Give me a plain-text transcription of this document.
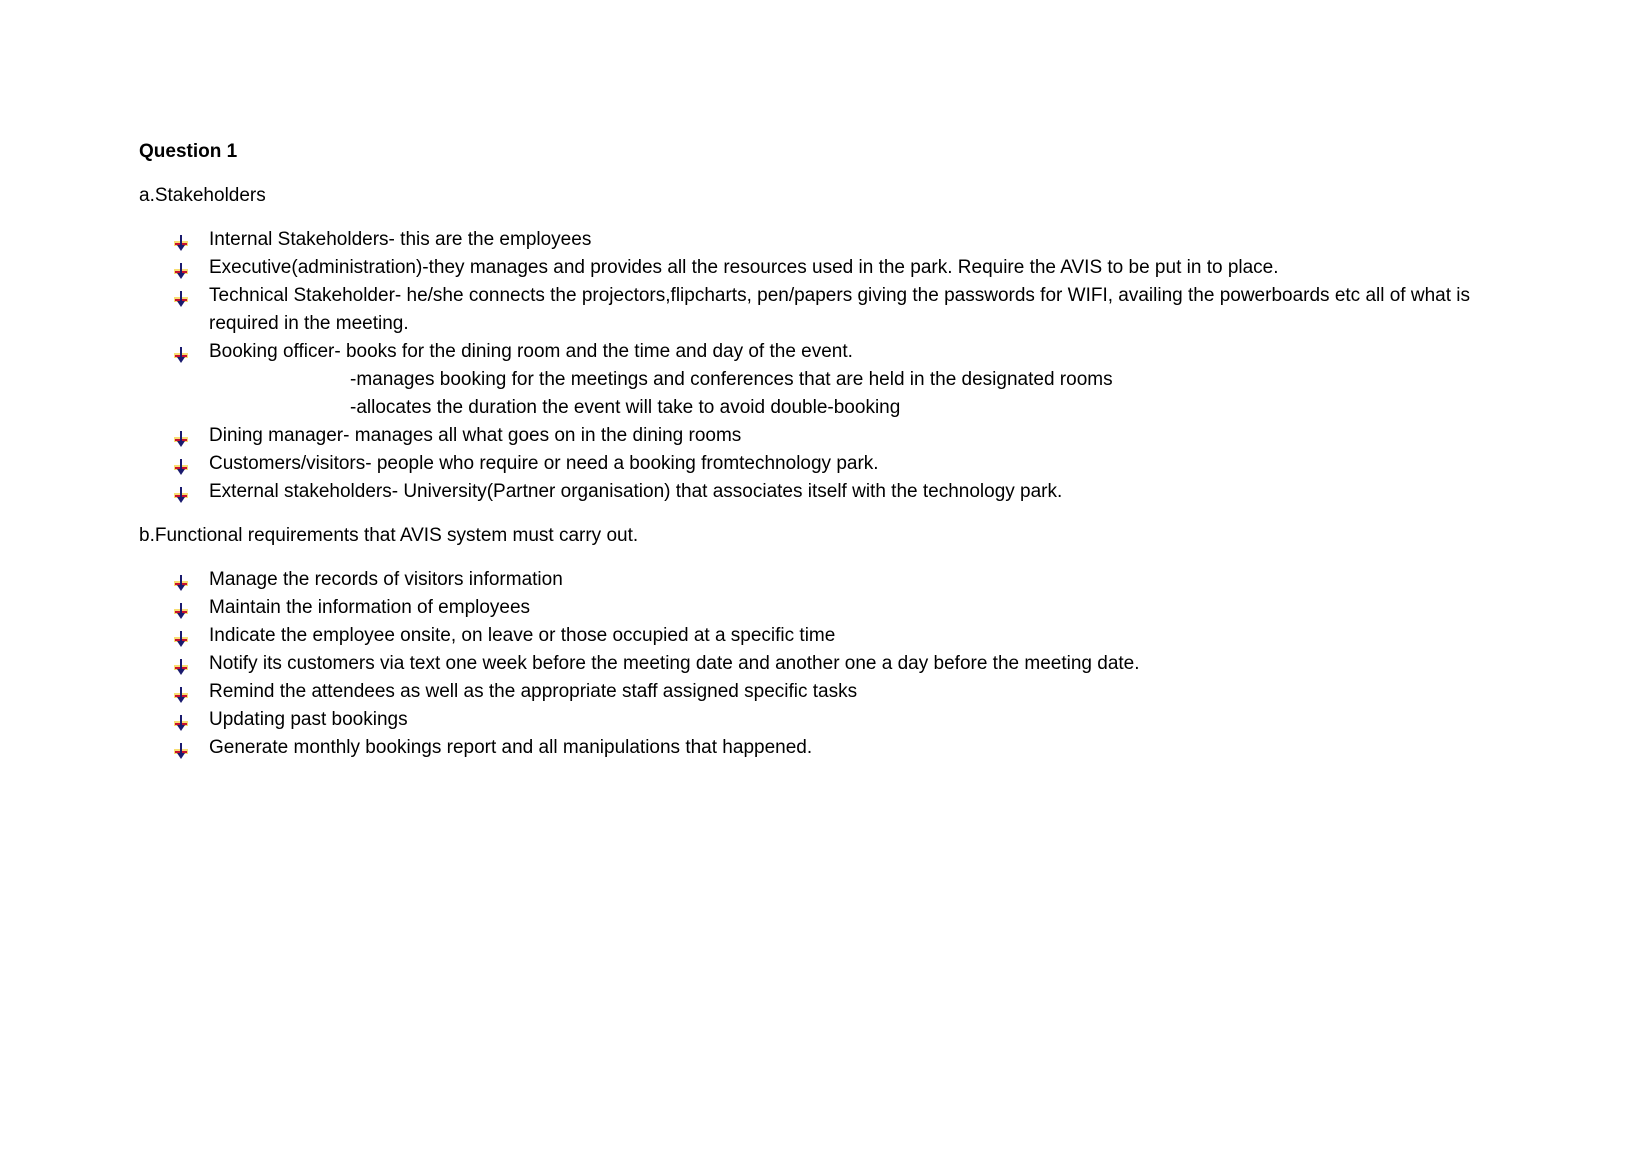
Question 1
a.Stakeholders
Internal Stakeholders- this are the employees
Executive(administration)-they manages and provides all the resources used in the park. Require the AVIS to be put in to place.
Technical Stakeholder- he/she connects the projectors,flipcharts, pen/papers giving the passwords for WIFI, availing the powerboards etc all of what is required in the meeting.
Booking officer- books for the dining room and the time and day of the event.
-manages booking for the meetings and conferences that are held in the designated rooms
-allocates the duration the event will take to avoid double-booking
Dining manager- manages all what goes on in the dining rooms
Customers/visitors- people who require or need a booking fromtechnology park.
External stakeholders- University(Partner organisation) that associates itself with the technology park.
b.Functional requirements that AVIS system must carry out.
Manage the records of visitors information
Maintain the information of employees
Indicate the employee onsite, on leave or those occupied at a specific time
Notify its customers via text one week before the meeting date and another one a day before the meeting date.
Remind the attendees as well as the appropriate staff assigned specific tasks
Updating past bookings
Generate monthly bookings report and all manipulations that happened.
